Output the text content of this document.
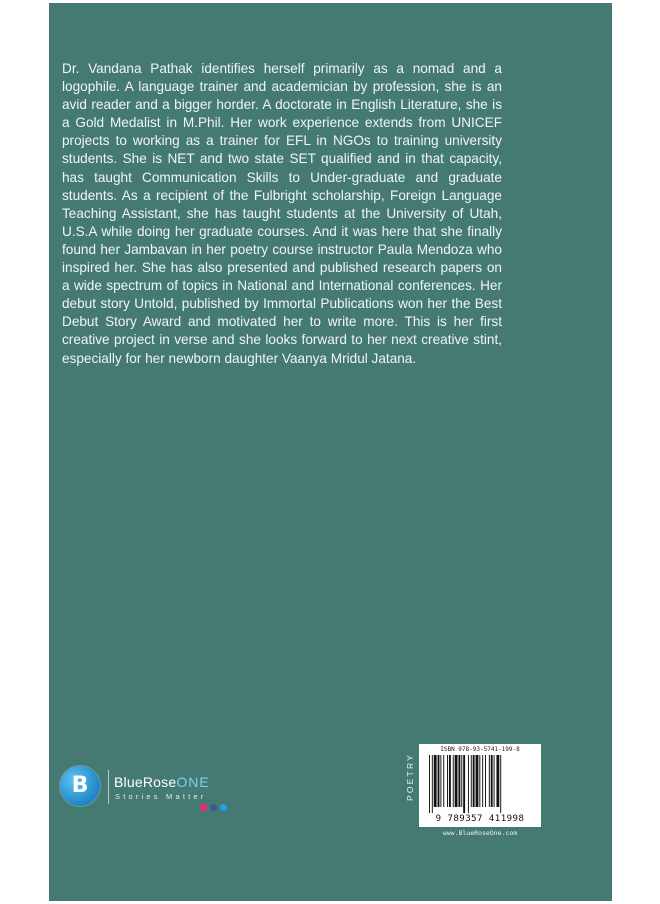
Dr. Vandana Pathak identifies herself primarily as a nomad and a logophile. A language trainer and academician by profession, she is an avid reader and a bigger horder. A doctorate in English Literature, she is a Gold Medalist in M.Phil. Her work experience extends from UNICEF projects to working as a trainer for EFL in NGOs to training university students. She is NET and two state SET qualified and in that capacity, has taught Communication Skills to Under-graduate and graduate students. As a recipient of the Fulbright scholarship, Foreign Language Teaching Assistant, she has taught students at the University of Utah, U.S.A while doing her graduate courses. And it was here that she finally found her Jambavan in her poetry course instructor Paula Mendoza who inspired her. She has also presented and published research papers on a wide spectrum of topics in National and International conferences. Her debut story Untold, published by Immortal Publications won her the Best Debut Story Award and motivated her to write more. This is her first creative project in verse and she looks forward to her next creative stint, especially for her newborn daughter Vaanya Mridul Jatana.

B	BlueRoseONE
Stories Matter
	POETRY
ISBN 978-93-5741-199-8
9 789357 411998
www.BlueRoseOne.com
